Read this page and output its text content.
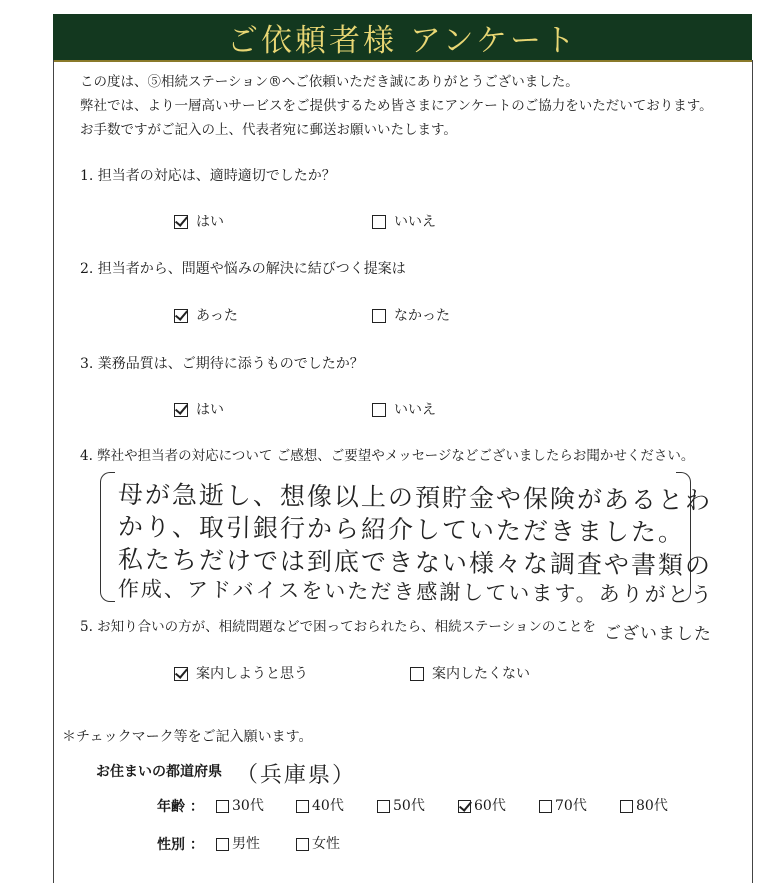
ご依頼者様 アンケート
この度は、⑤相続ステーション®へご依頼いただき誠にありがとうございました。
弊社では、より一層高いサービスをご提供するため皆さまにアンケートのご協力をいただいております。
お手数ですがご記入の上、代表者宛に郵送お願いいたします。
1. 担当者の対応は、適時適切でしたか？
はい	いいえ
2. 担当者から、問題や悩みの解決に結びつく提案は
あった	なかった
3. 業務品質は、ご期待に添うものでしたか？
はい	いいえ
4. 弊社や担当者の対応について ご感想、ご要望やメッセージなどございましたらお聞かせください。
母が急逝し、想像以上の預貯金や保険があるとわ
かり、取引銀行から紹介していただきました。
私たちだけでは到底できない様々な調査や書類の
作成、アドバイスをいただき感謝しています。ありがとう
ございました
5. お知り合いの方が、相続問題などで困っておられたら、相続ステーションのことを
案内しようと思う	案内したくない
＊チェックマーク等をご記入願います。
お住まいの都道府県 （兵庫県）
年齢 ： 30代	40代	50代	60代	70代	80代
性別 ： 男性	女性
